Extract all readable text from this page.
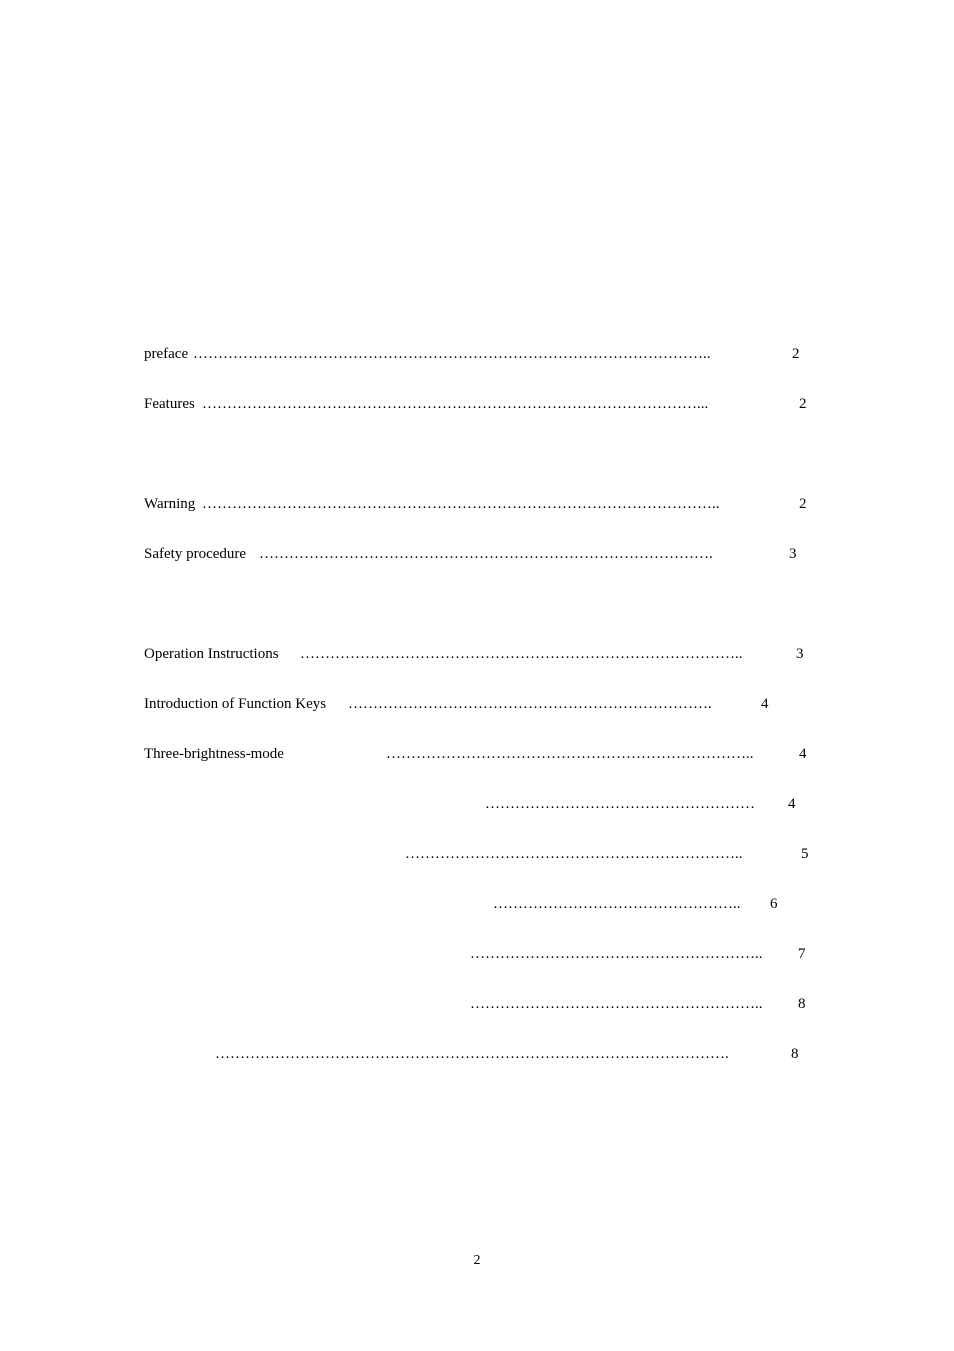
preface …………………………………………………………………………………………..	2
Features ………………………………………………………………………………………...	2
Warning …………………………………………………………………………………………..	2
Safety procedure ……………………………………………………………………………….	3
Operation Instructions ……………………………………………………………………………..	3
Introduction of Function Keys ……………………………………………………………….	4
Three-brightness-mode	………………………………………………………………..	4
……………………………………………… 4
…………………………………………………………..	5
………………………………………….. 6
………………………………………………….. 7
………………………………………………….. 8
………………………………………………………………………………………….	8
2
